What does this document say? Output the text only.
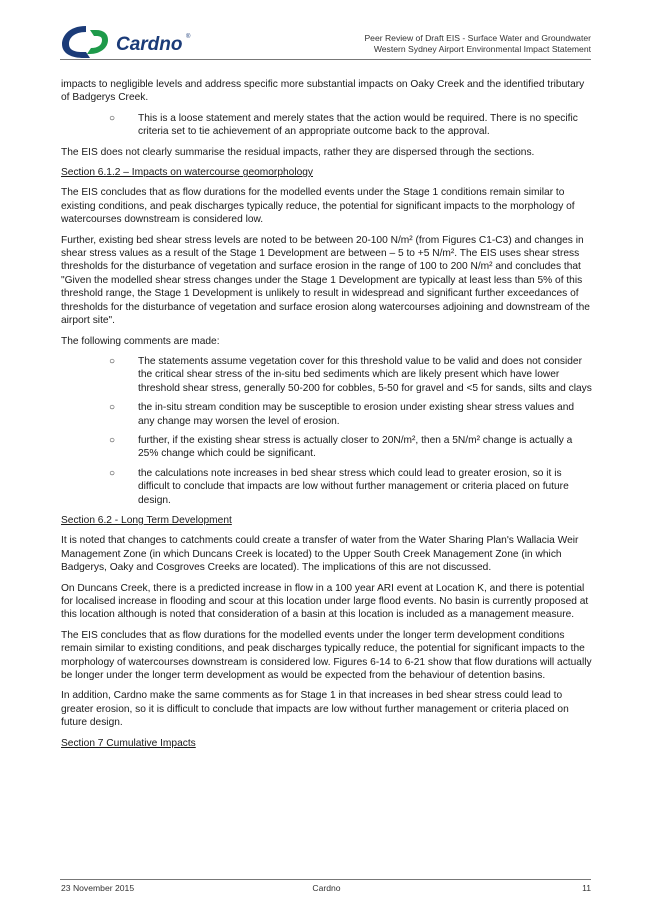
Cardno ®	Peer Review of Draft EIS - Surface Water and Groundwater
Western Sydney Airport Environmental Impact Statement

impacts to negligible levels and address specific more substantial impacts on Oaky Creek and the identified tributary of Badgerys Creek.

○ This is a loose statement and merely states that the action would be required. There is no specific criteria set to tie achievement of an appropriate outcome back to the approval.

The EIS does not clearly summarise the residual impacts, rather they are dispersed through the sections.

Section 6.1.2 – Impacts on watercourse geomorphology

The EIS concludes that as flow durations for the modelled events under the Stage 1 conditions remain similar to existing conditions, and peak discharges typically reduce, the potential for significant impacts to the morphology of watercourses downstream is considered low.

Further, existing bed shear stress levels are noted to be between 20-100 N/m² (from Figures C1-C3) and changes in shear stress values as a result of the Stage 1 Development are between – 5 to +5 N/m². The EIS uses shear stress thresholds for the disturbance of vegetation and surface erosion in the range of 100 to 200 N/m² and concludes that "Given the modelled shear stress changes under the Stage 1 Development are typically at least less than 5% of this threshold range, the Stage 1 Development is unlikely to result in widespread and significant further exceedances of thresholds for the disturbance of vegetation and surface erosion along watercourses adjoining and downstream of the airport site".

The following comments are made:

○ The statements assume vegetation cover for this threshold value to be valid and does not consider the critical shear stress of the in-situ bed sediments which are likely present which have lower threshold shear stress, generally 50-200 for cobbles, 5-50 for gravel and <5 for sands, silts and clays
○ the in-situ stream condition may be susceptible to erosion under existing shear stress values and any change may worsen the level of erosion.
○ further, if the existing shear stress is actually closer to 20N/m², then a 5N/m² change is actually a 25% change which could be significant.
○ the calculations note increases in bed shear stress which could lead to greater erosion, so it is difficult to conclude that impacts are low without further management or criteria placed on future design.
Section 6.2 - Long Term Development

It is noted that changes to catchments could create a transfer of water from the Water Sharing Plan's Wallacia Weir Management Zone (in which Duncans Creek is located) to the Upper South Creek Management Zone (in which Badgerys, Oaky and Cosgroves Creeks are located). The implications of this are not discussed.

On Duncans Creek, there is a predicted increase in flow in a 100 year ARI event at Location K, and there is potential for localised increase in flooding and scour at this location under large flood events. No basin is currently proposed at this location although is noted that consideration of a basin at this location is included as a management measure.

The EIS concludes that as flow durations for the modelled events under the longer term development conditions remain similar to existing conditions, and peak discharges typically reduce, the potential for significant impacts to the morphology of watercourses downstream is considered low. Figures 6-14 to 6-21 show that flow durations will actually be longer under the longer term development as would be expected from the behaviour of detention basins.

In addition, Cardno make the same comments as for Stage 1 in that increases in bed shear stress could lead to greater erosion, so it is difficult to conclude that impacts are low without further management or criteria placed on future design.

Section 7 Cumulative Impacts
23 November 2015	Cardno	11
